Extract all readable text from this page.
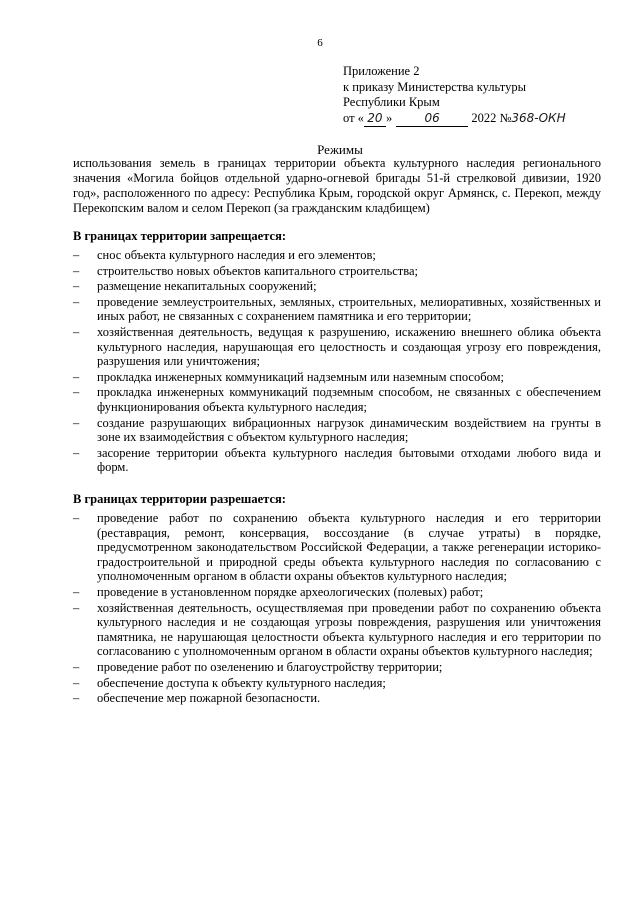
6
Приложение 2
к приказу Министерства культуры
Республики Крым
от « 20 »	06	2022 №368-ОКН
Режимы
использования земель в границах территории объекта культурного наследия регионального значения «Могила бойцов отдельной ударно-огневой бригады 51-й стрелковой дивизии, 1920 год», расположенного по адресу: Республика Крым, городской округ Армянск, с. Перекоп, между Перекопским валом и селом Перекоп (за гражданским кладбищем)
В границах территории запрещается:
– снос объекта культурного наследия и его элементов;
– строительство новых объектов капитального строительства;
– размещение некапитальных сооружений;
– проведение землеустроительных, земляных, строительных, мелиоративных, хозяйственных и иных работ, не связанных с сохранением памятника и его территории;
– хозяйственная деятельность, ведущая к разрушению, искажению внешнего облика объекта культурного наследия, нарушающая его целостность и создающая угрозу его повреждения, разрушения или уничтожения;
– прокладка инженерных коммуникаций надземным или наземным способом;
– прокладка инженерных коммуникаций подземным способом, не связанных с обеспечением функционирования объекта культурного наследия;
– создание разрушающих вибрационных нагрузок динамическим воздействием на грунты в зоне их взаимодействия с объектом культурного наследия;
– засорение территории объекта культурного наследия бытовыми отходами любого вида и форм.
В границах территории разрешается:
– проведение работ по сохранению объекта культурного наследия и его территории (реставрация, ремонт, консервация, воссоздание (в случае утраты) в порядке, предусмотренном законодательством Российской Федерации, а также регенерации историко-градостроительной и природной среды объекта культурного наследия по согласованию с уполномоченным органом в области охраны объектов культурного наследия;
– проведение в установленном порядке археологических (полевых) работ;
– хозяйственная деятельность, осуществляемая при проведении работ по сохранению объекта культурного наследия и не создающая угрозы повреждения, разрушения или уничтожения памятника, не нарушающая целостности объекта культурного наследия и его территории по согласованию с уполномоченным органом в области охраны объектов культурного наследия;
– проведение работ по озеленению и благоустройству территории;
– обеспечение доступа к объекту культурного наследия;
– обеспечение мер пожарной безопасности.
